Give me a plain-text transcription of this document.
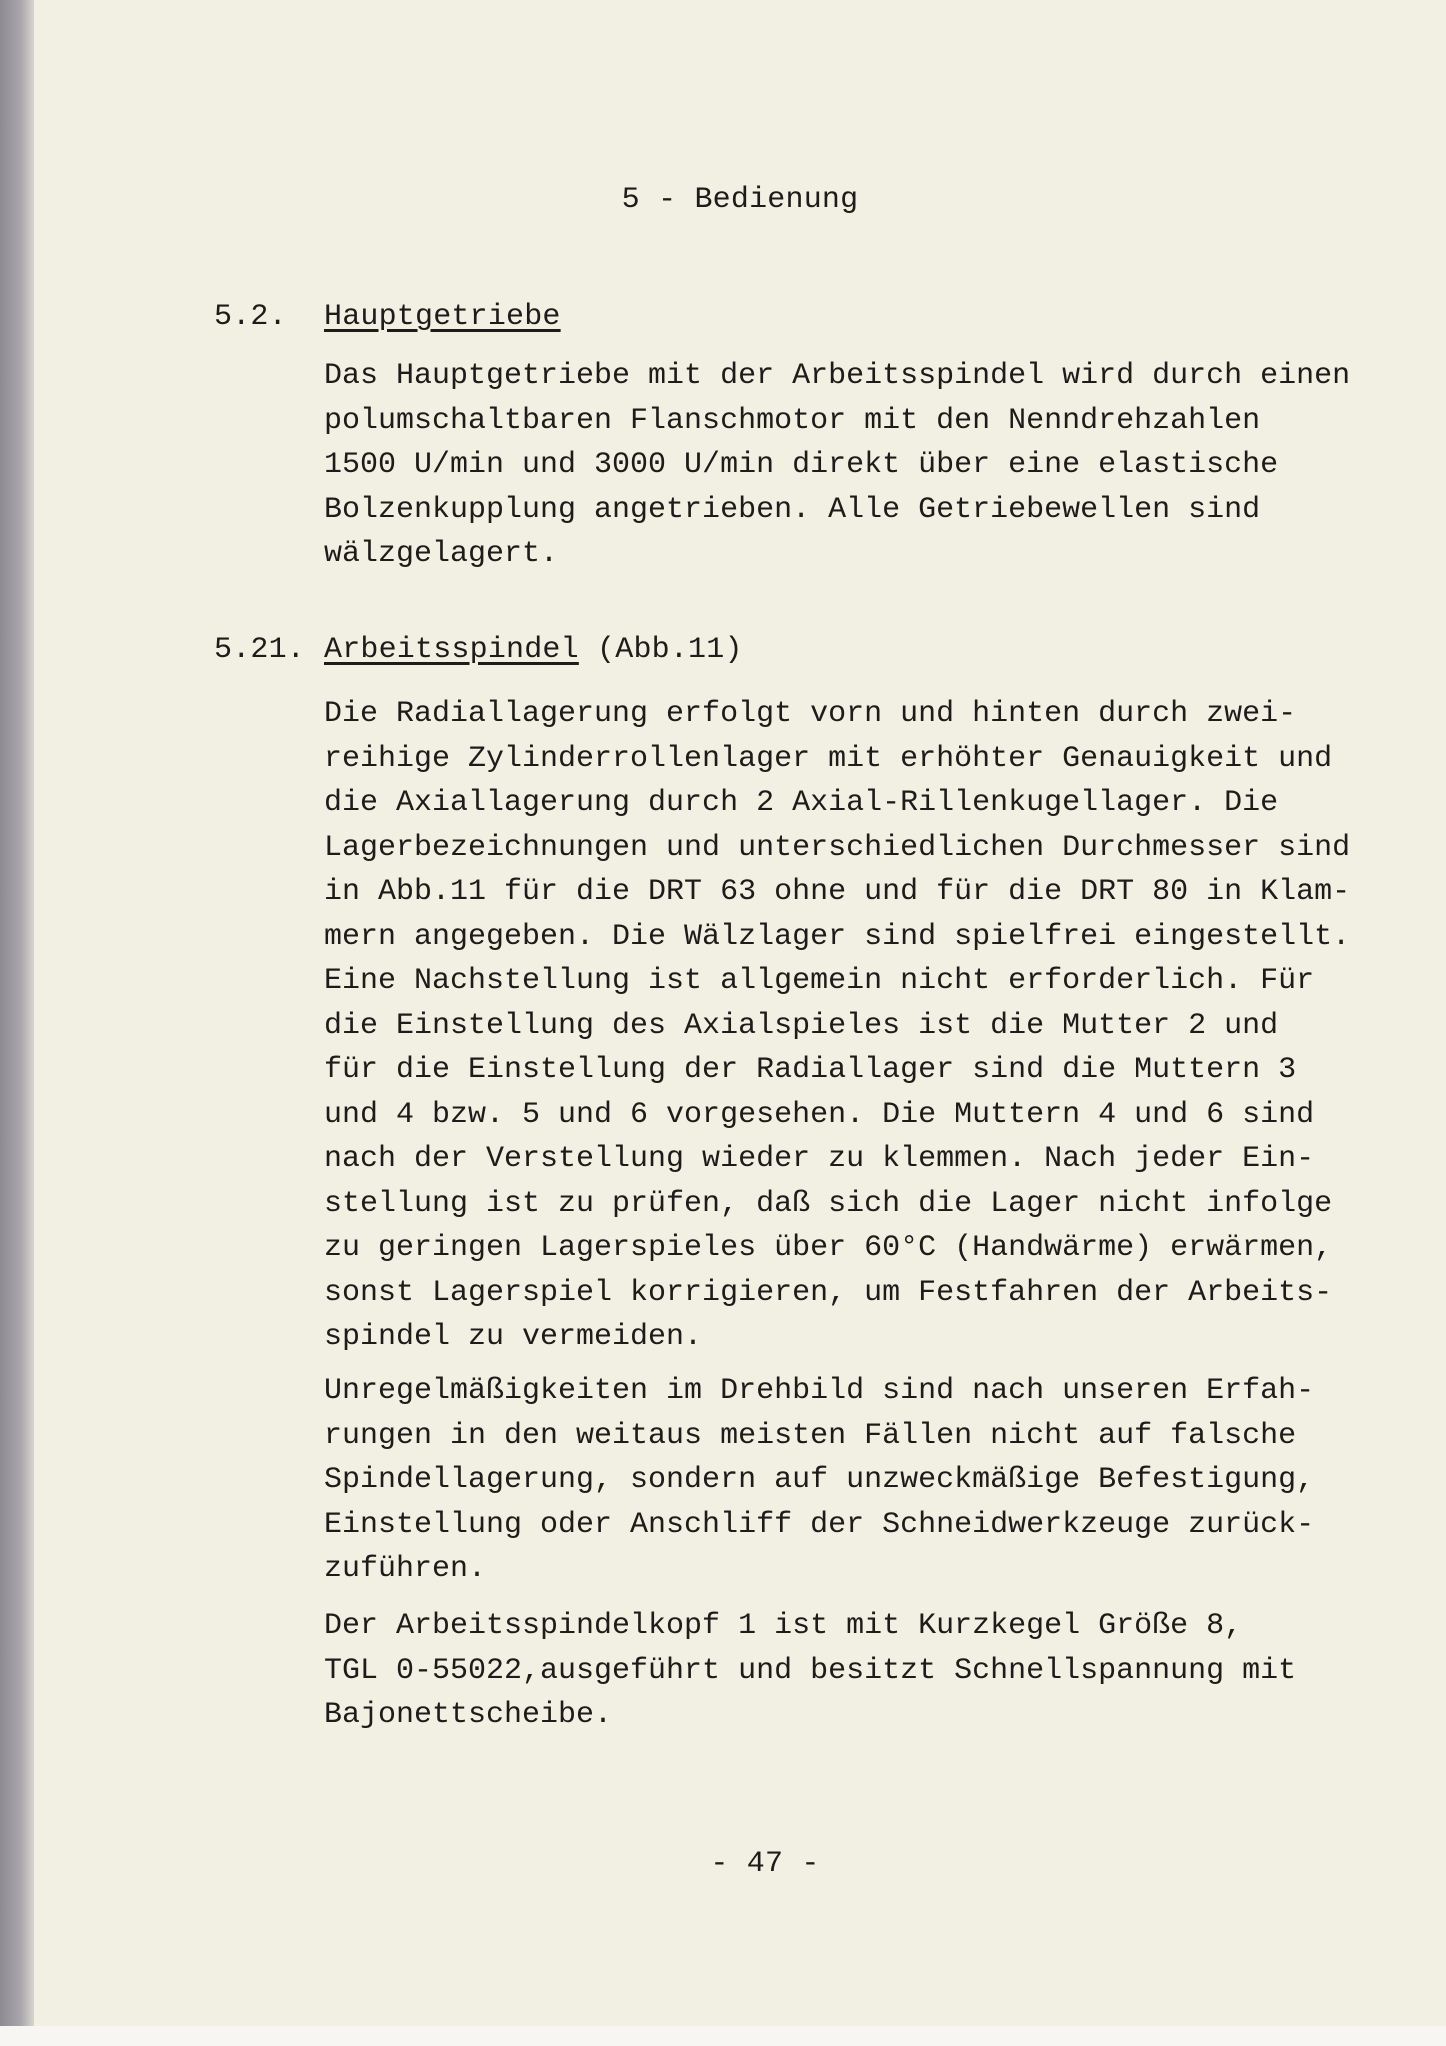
5 - Bedienung
5.2. Hauptgetriebe
Das Hauptgetriebe mit der Arbeitsspindel wird durch einen
polumschaltbaren Flanschmotor mit den Nenndrehzahlen
1500 U/min und 3000 U/min direkt über eine elastische
Bolzenkupplung angetrieben. Alle Getriebewellen sind
wälzgelagert.
5.21. Arbeitsspindel (Abb.11)
Die Radiallagerung erfolgt vorn und hinten durch zwei-
reihige Zylinderrollenlager mit erhöhter Genauigkeit und
die Axiallagerung durch 2 Axial-Rillenkugellager. Die
Lagerbezeichnungen und unterschiedlichen Durchmesser sind
in Abb.11 für die DRT 63 ohne und für die DRT 80 in Klam-
mern angegeben. Die Wälzlager sind spielfrei eingestellt.
Eine Nachstellung ist allgemein nicht erforderlich. Für
die Einstellung des Axialspieles ist die Mutter 2 und
für die Einstellung der Radiallager sind die Muttern 3
und 4 bzw. 5 und 6 vorgesehen. Die Muttern 4 und 6 sind
nach der Verstellung wieder zu klemmen. Nach jeder Ein-
stellung ist zu prüfen, daß sich die Lager nicht infolge
zu geringen Lagerspieles über 60°C (Handwärme) erwärmen,
sonst Lagerspiel korrigieren, um Festfahren der Arbeits-
spindel zu vermeiden.
Unregelmäßigkeiten im Drehbild sind nach unseren Erfah-
rungen in den weitaus meisten Fällen nicht auf falsche
Spindellagerung, sondern auf unzweckmäßige Befestigung,
Einstellung oder Anschliff der Schneidwerkzeuge zurück-
zuführen.
Der Arbeitsspindelkopf 1 ist mit Kurzkegel Größe 8,
TGL 0-55022,ausgeführt und besitzt Schnellspannung mit
Bajonettscheibe.
- 47 -
